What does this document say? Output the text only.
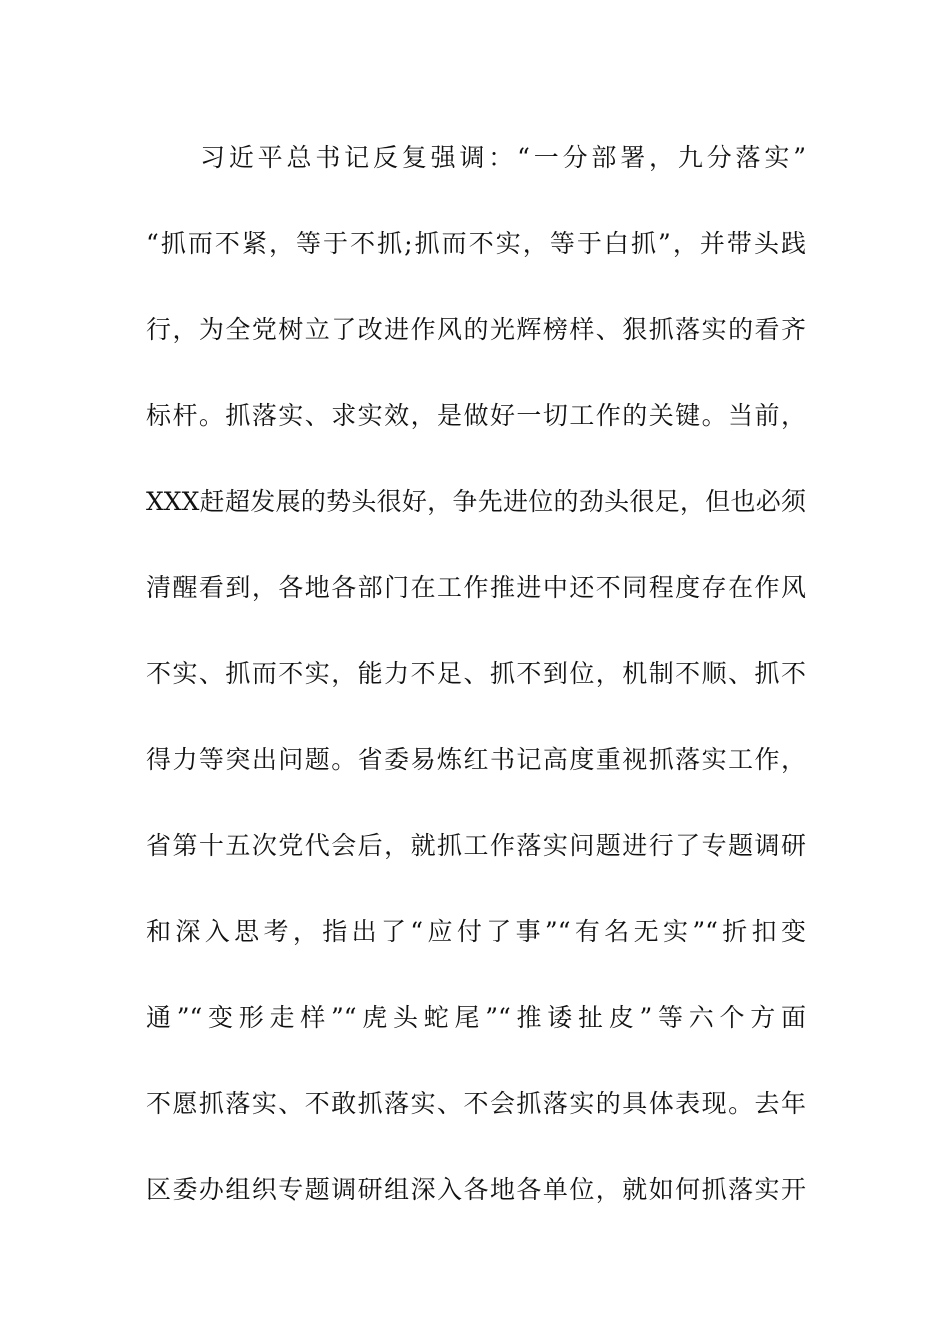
习近平总书记反复强调：“一分部署，九分落实”
“抓而不紧，等于不抓;抓而不实，等于白抓”，并带头践
行，为全党树立了改进作风的光辉榜样、狠抓落实的看齐
标杆。抓落实、求实效，是做好一切工作的关键。当前，
XXX赶超发展的势头很好，争先进位的劲头很足，但也必须
清醒看到，各地各部门在工作推进中还不同程度存在作风
不实、抓而不实，能力不足、抓不到位，机制不顺、抓不
得力等突出问题。省委易炼红书记高度重视抓落实工作，
省第十五次党代会后，就抓工作落实问题进行了专题调研
和深入思考，指出了“应付了事”“有名无实”“折扣变
通”“变形走样”“虎头蛇尾”“推诿扯皮”等六个方面
不愿抓落实、不敢抓落实、不会抓落实的具体表现。去年
区委办组织专题调研组深入各地各单位，就如何抓落实开
